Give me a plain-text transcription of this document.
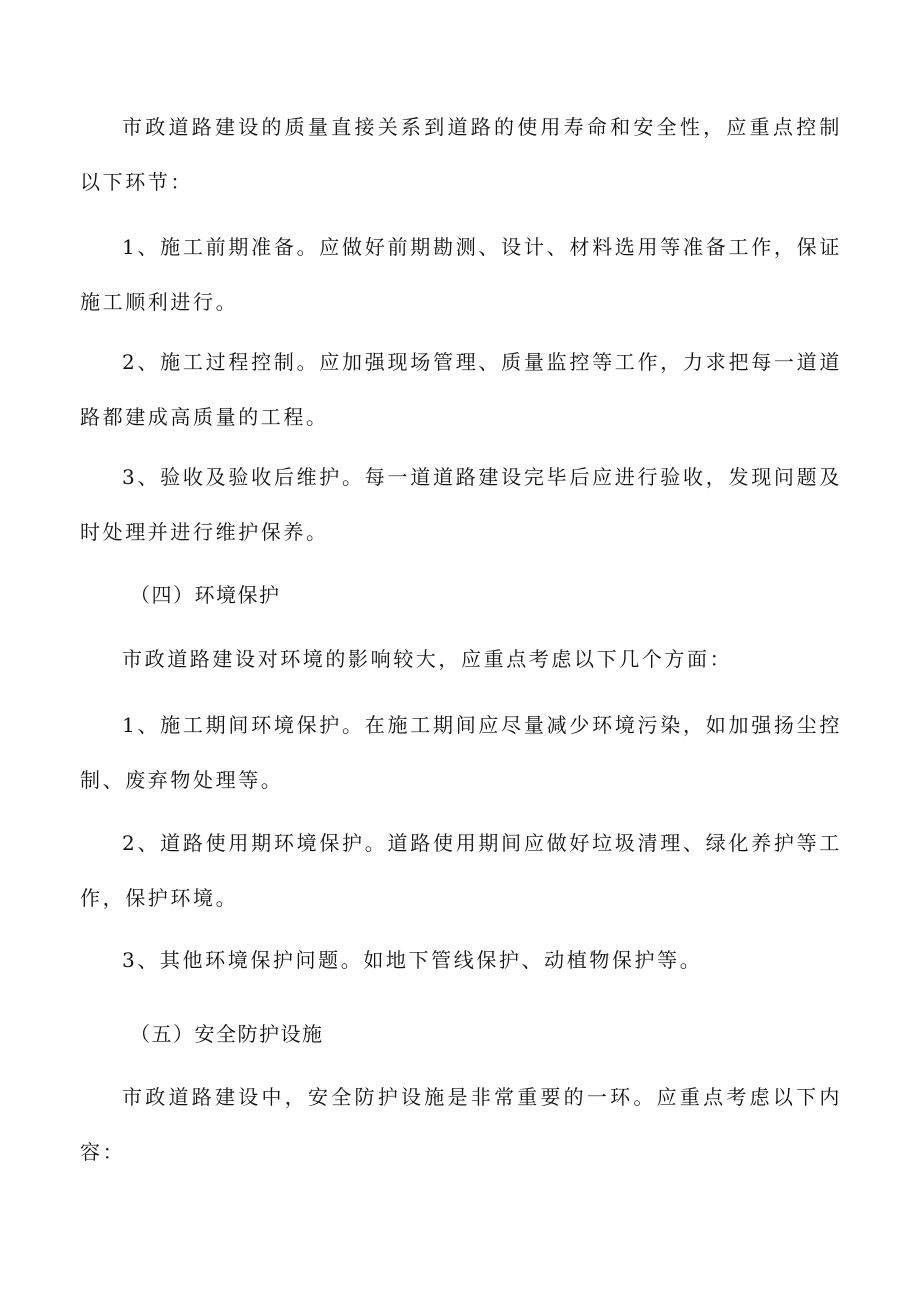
市政道路建设的质量直接关系到道路的使用寿命和安全性，应重点控制以下环节：

1、施工前期准备。应做好前期勘测、设计、材料选用等准备工作，保证施工顺利进行。

2、施工过程控制。应加强现场管理、质量监控等工作，力求把每一道道路都建成高质量的工程。

3、验收及验收后维护。每一道道路建设完毕后应进行验收，发现问题及时处理并进行维护保养。

（四）环境保护

市政道路建设对环境的影响较大，应重点考虑以下几个方面：

1、施工期间环境保护。在施工期间应尽量减少环境污染，如加强扬尘控制、废弃物处理等。

2、道路使用期环境保护。道路使用期间应做好垃圾清理、绿化养护等工作，保护环境。

3、其他环境保护问题。如地下管线保护、动植物保护等。

（五）安全防护设施

市政道路建设中，安全防护设施是非常重要的一环。应重点考虑以下内容：
